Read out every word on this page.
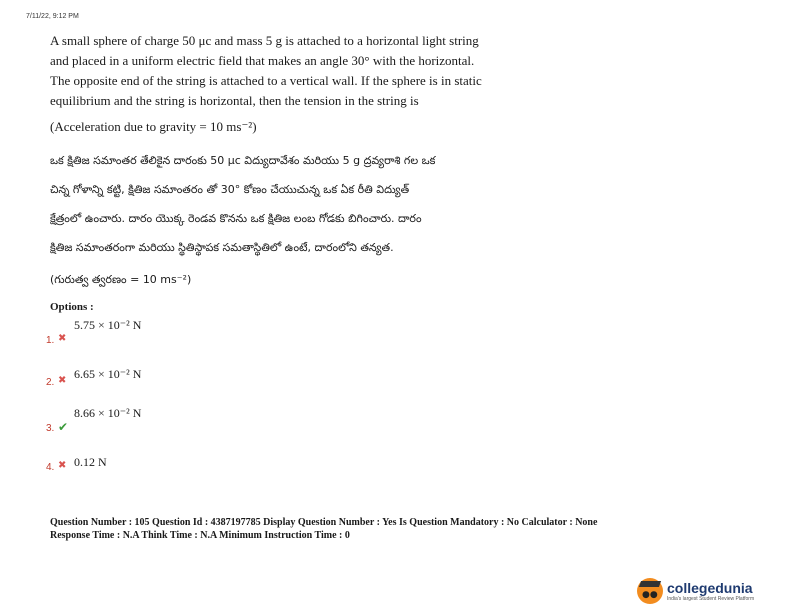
7/11/22, 9:12 PM

A small sphere of charge 50 μc and mass 5 g is attached to a horizontal light string

and placed in a uniform electric field that makes an angle 30° with the horizontal.

The opposite end of the string is attached to a vertical wall. If the sphere is in static

equilibrium and the string is horizontal, then the tension in the string is

(Acceleration due to gravity = 10 ms⁻²)
ఒక క్షితిజ సమాంతర తేలికైన దారంకు 50 μc విద్యుదావేశం మరియు 5 g ద్రవ్యరాశి గల ఒక
చిన్న గోళాన్ని కట్టి, క్షితిజ సమాంతరం తో 30° కోణం చేయుచున్న ఒక ఏక రీతి విద్యుత్
క్షేత్రంలో ఉంచారు. దారం యొక్క రెండవ కొనను ఒక క్షితిజ లంబ గోడకు బిగించారు. దారం
క్షితిజ సమాంతరంగా మరియు స్థితిస్థాపక సమతాస్థితిలో ఉంటే, దారంలోని తన్యత.
(గురుత్వ త్వరణం = 10 ms⁻²)
Options :
5.75 × 10⁻² N
1. ✖
6.65 × 10⁻² N
2. ✖
8.66 × 10⁻² N
3. ✔
0.12 N
4. ✖
Question Number : 105 Question Id : 4387197785 Display Question Number : Yes Is Question Mandatory : No Calculator : None
Response Time : N.A Think Time : N.A Minimum Instruction Time : 0
●● collegedunia
India's largest Student Review Platform
